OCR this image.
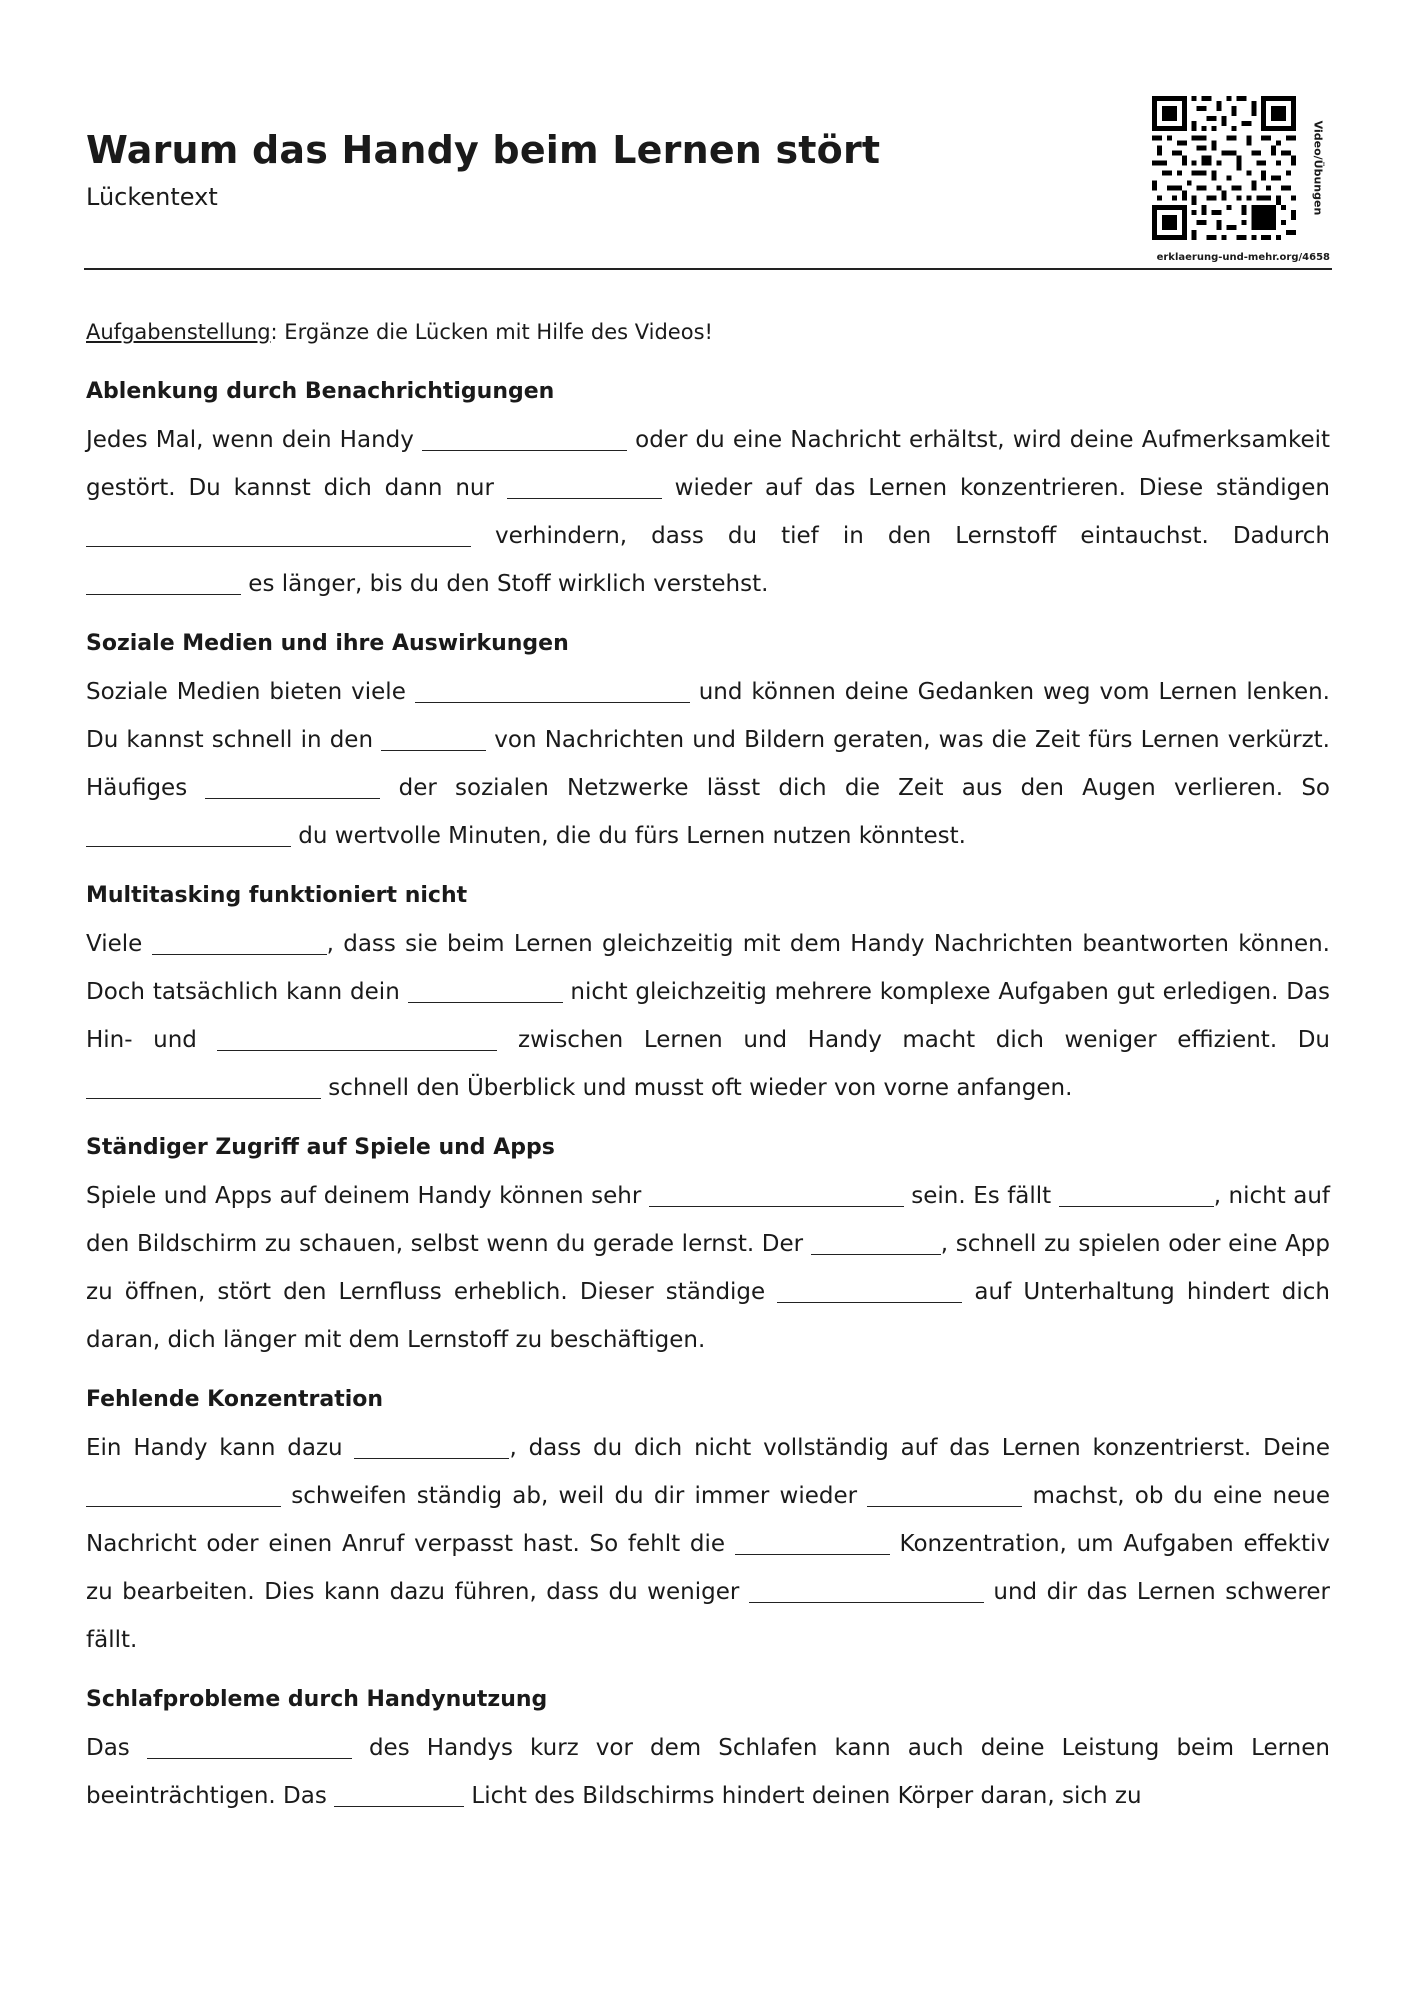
Warum das Handy beim Lernen stört
Lückentext	Video/Übungen
erklaerung-und-mehr.org/4658

Aufgabenstellung: Ergänze die Lücken mit Hilfe des Videos!

Ablenkung durch Benachrichtigungen

Jedes Mal, wenn dein Handy	oder du eine Nachricht erhältst, wird deine Aufmerksamkeit gestört. Du kannst dich dann nur	wieder auf das Lernen konzentrieren. Diese ständigen  verhindern, dass du tief in den Lernstoff eintauchst. Dadurch  es länger, bis du den Stoff wirklich verstehst.

Soziale Medien und ihre Auswirkungen

Soziale Medien bieten viele	und können deine Gedanken weg vom Lernen lenken. Du kannst schnell in den	von Nachrichten und Bildern geraten, was die Zeit fürs Lernen verkürzt. Häufiges	der sozialen Netzwerke lässt dich die Zeit aus den Augen verlieren. So  du wertvolle Minuten, die du fürs Lernen nutzen könntest.

Multitasking funktioniert nicht

Viele	, dass sie beim Lernen gleichzeitig mit dem Handy Nachrichten beantworten können. Doch tatsächlich kann dein	nicht gleichzeitig mehrere komplexe Aufgaben gut erledigen. Das Hin- und	zwischen Lernen und Handy macht dich weniger effizient. Du  schnell den Überblick und musst oft wieder von vorne anfangen.

Ständiger Zugriff auf Spiele und Apps

Spiele und Apps auf deinem Handy können sehr	sein. Es fällt	, nicht auf den Bildschirm zu schauen, selbst wenn du gerade lernst. Der	, schnell zu spielen oder eine App zu öffnen, stört den Lernfluss erheblich. Dieser ständige	auf Unterhaltung hindert dich daran, dich länger mit dem Lernstoff zu beschäftigen.

Fehlende Konzentration

Ein Handy kann dazu	, dass du dich nicht vollständig auf das Lernen konzentrierst. Deine  schweifen ständig ab, weil du dir immer wieder	machst, ob du eine neue Nachricht oder einen Anruf verpasst hast. So fehlt die	Konzentration, um Aufgaben effektiv zu bearbeiten. Dies kann dazu führen, dass du weniger	und dir das Lernen schwerer fällt.

Schlafprobleme durch Handynutzung

Das	des Handys kurz vor dem Schlafen kann auch deine Leistung beim Lernen beeinträchtigen. Das	Licht des Bildschirms hindert deinen Körper daran, sich zu
